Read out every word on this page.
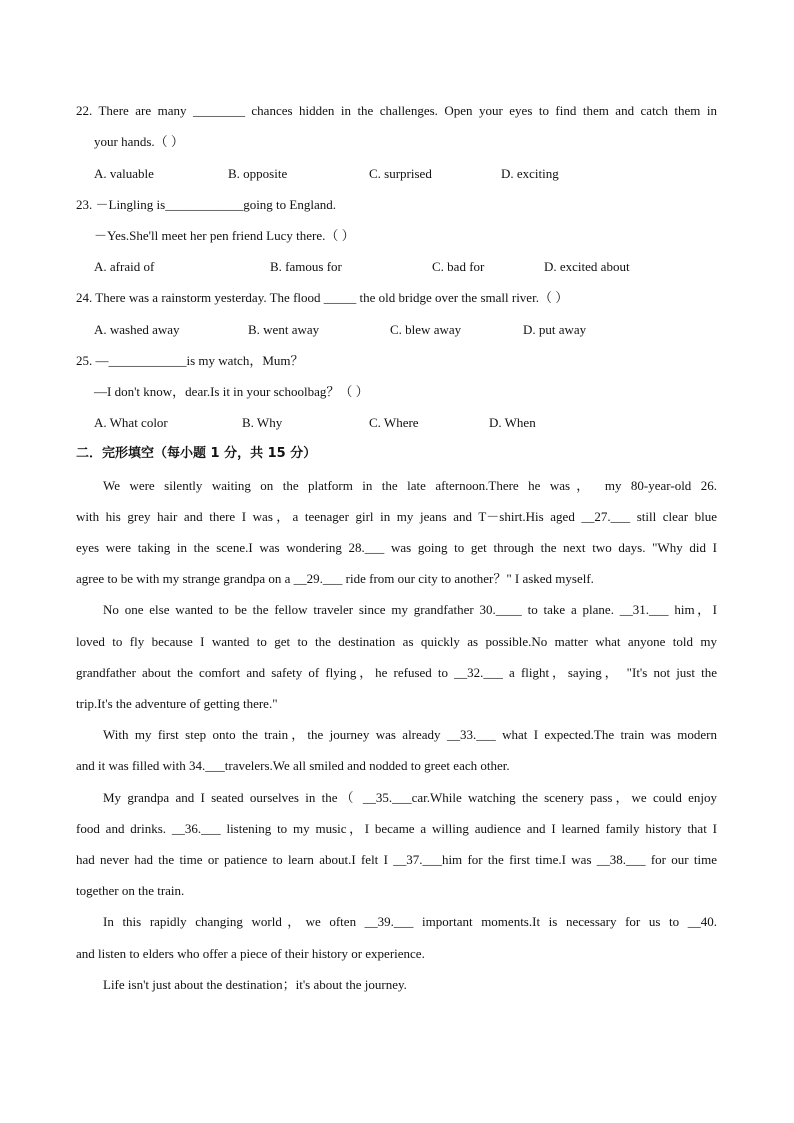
22. There are many ________ chances hidden in the challenges. Open your eyes to find them and catch them in
your hands.（ ）
A. valuable	B. opposite	C. surprised	D. exciting
23. －Lingling is____________going to England.
－Yes.She'll meet her pen friend Lucy there.（ ）
A. afraid of	B. famous for	C. bad for	D. excited about
24. There was a rainstorm yesterday. The flood _____ the old bridge over the small river.（ ）
A. washed away	B. went away	C. blew away	D. put away
25. —____________is my watch，Mum？
—I don't know，dear.Is it in your schoolbag？（ ）
A. What color	B. Why	C. Where	D. When
二．完形填空（每小题 1 分，共 15 分）
We were silently waiting on the platform in the late afternoon.There he was， my 80-year-old 26.
with his grey hair and there I was，a teenager girl in my jeans and T－shirt.His aged __27.___ still clear blue
eyes were taking in the scene.I was wondering 28.___ was going to get through the next two days. "Why did I
agree to be with my strange grandpa on a __29.___ ride from our city to another？" I asked myself.
No one else wanted to be the fellow traveler since my grandfather 30.____ to take a plane. __31.___ him，I
loved to fly because I wanted to get to the destination as quickly as possible.No matter what anyone told my
grandfather about the comfort and safety of flying，he refused to __32.___ a flight，saying， "It's not just the
trip.It's the adventure of getting there."
With my first step onto the train，the journey was already __33.___ what I expected.The train was modern
and it was filled with 34.___travelers.We all smiled and nodded to greet each other.
My grandpa and I seated ourselves in the（ __35.___car.While watching the scenery pass，we could enjoy
food and drinks. __36.___ listening to my music，I became a willing audience and I learned family history that I
had never had the time or patience to learn about.I felt I __37.___him for the first time.I was __38.___ for our time
together on the train.
In this rapidly changing world，we often __39.___ important moments.It is necessary for us to __40.
and listen to elders who offer a piece of their history or experience.
Life isn't just about the destination；it's about the journey.
